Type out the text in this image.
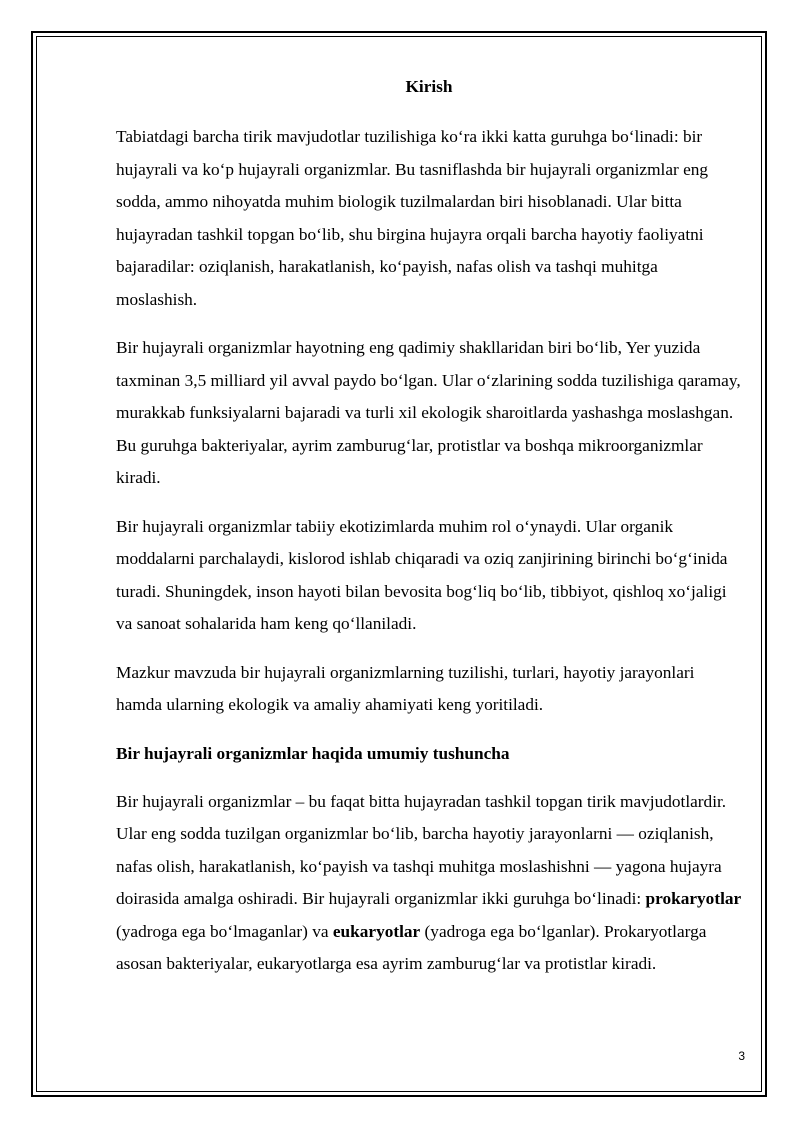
Kirish

Tabiatdagi barcha tirik mavjudotlar tuzilishiga koʻra ikki katta guruhga boʻlinadi: bir hujayrali va koʻp hujayrali organizmlar. Bu tasniflashda bir hujayrali organizmlar eng sodda, ammo nihoyatda muhim biologik tuzilmalardan biri hisoblanadi. Ular bitta hujayradan tashkil topgan boʻlib, shu birgina hujayra orqali barcha hayotiy faoliyatni bajaradilar: oziqlanish, harakatlanish, koʻpayish, nafas olish va tashqi muhitga moslashish.

Bir hujayrali organizmlar hayotning eng qadimiy shakllaridan biri boʻlib, Yer yuzida taxminan 3,5 milliard yil avval paydo boʻlgan. Ular oʻzlarining sodda tuzilishiga qaramay, murakkab funksiyalarni bajaradi va turli xil ekologik sharoitlarda yashashga moslashgan. Bu guruhga bakteriyalar, ayrim zamburugʻlar, protistlar va boshqa mikroorganizmlar kiradi.

Bir hujayrali organizmlar tabiiy ekotizimlarda muhim rol oʻynaydi. Ular organik moddalarni parchalaydi, kislorod ishlab chiqaradi va oziq zanjirining birinchi boʻgʻinida turadi. Shuningdek, inson hayoti bilan bevosita bogʻliq boʻlib, tibbiyot, qishloq xoʻjaligi va sanoat sohalarida ham keng qoʻllaniladi.

Mazkur mavzuda bir hujayrali organizmlarning tuzilishi, turlari, hayotiy jarayonlari hamda ularning ekologik va amaliy ahamiyati keng yoritiladi.

Bir hujayrali organizmlar haqida umumiy tushuncha

Bir hujayrali organizmlar – bu faqat bitta hujayradan tashkil topgan tirik mavjudotlardir. Ular eng sodda tuzilgan organizmlar boʻlib, barcha hayotiy jarayonlarni — oziqlanish, nafas olish, harakatlanish, koʻpayish va tashqi muhitga moslashishni — yagona hujayra doirasida amalga oshiradi. Bir hujayrali organizmlar ikki guruhga boʻlinadi: prokaryotlar (yadroga ega boʻlmaganlar) va eukaryotlar (yadroga ega boʻlganlar). Prokaryotlarga asosan bakteriyalar, eukaryotlarga esa ayrim zamburugʻlar va protistlar kiradi.

3
